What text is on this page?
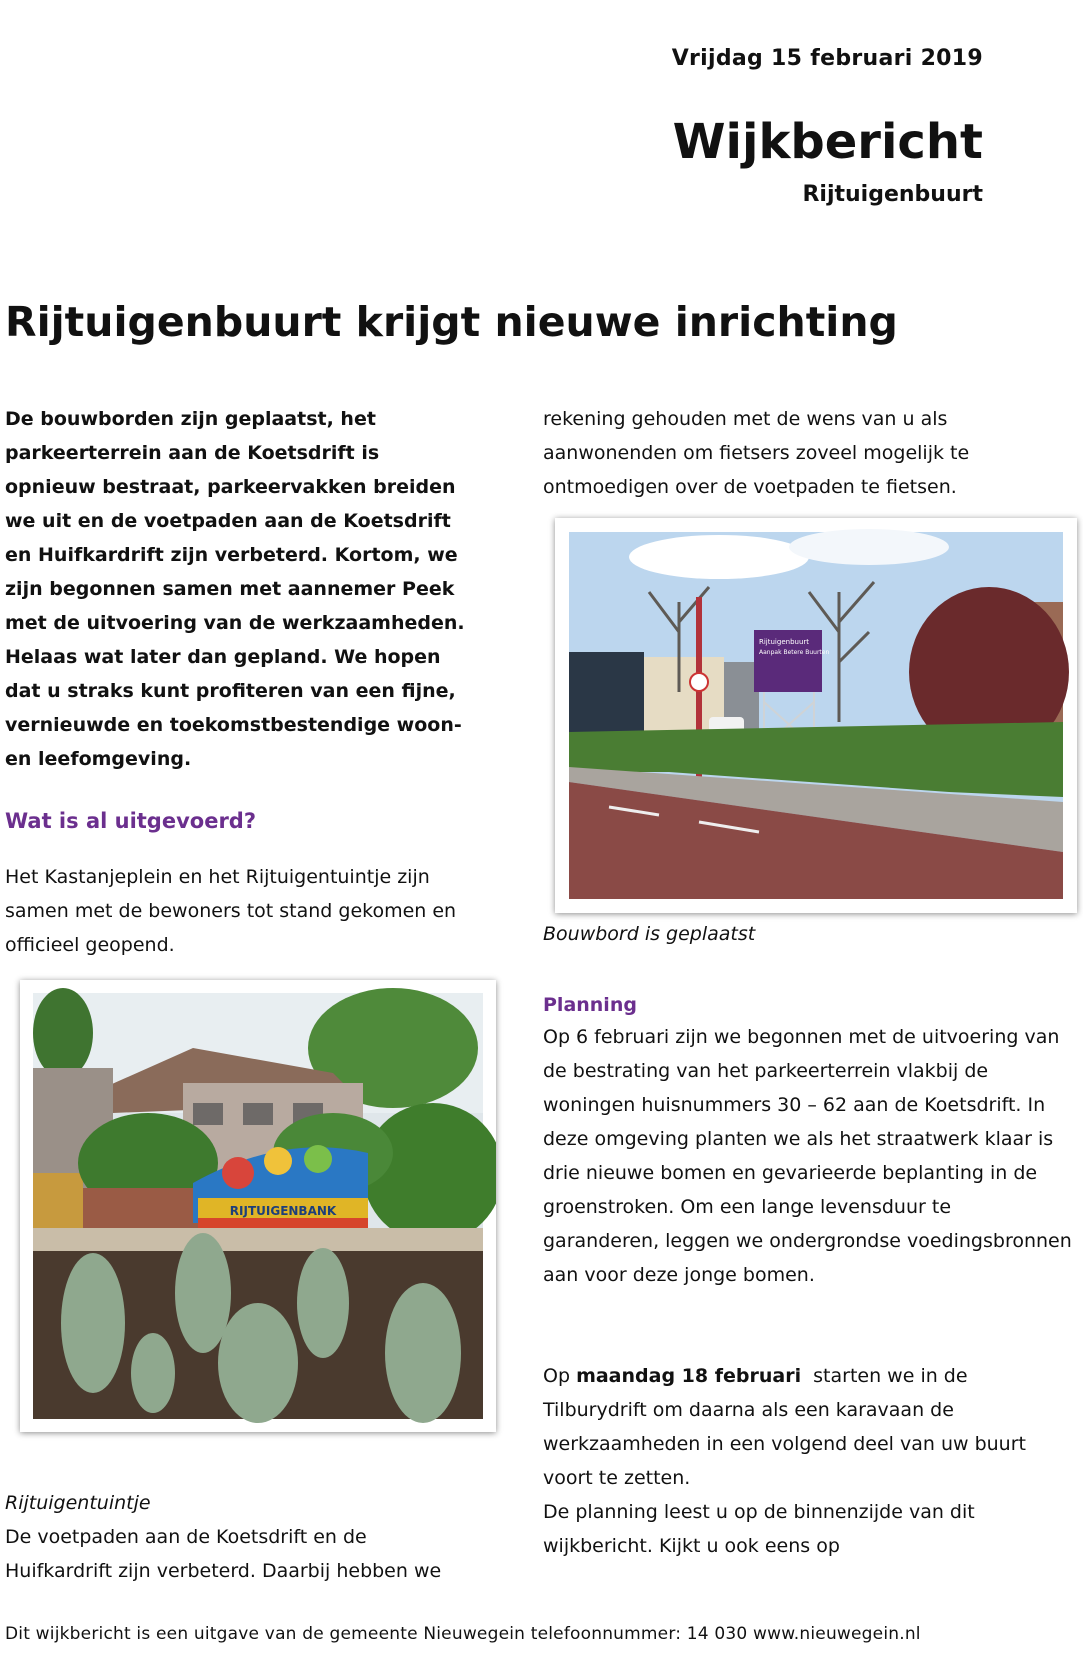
Vrijdag 15 februari 2019
Wijkbericht
Rijtuigenbuurt
Rijtuigenbuurt krijgt nieuwe inrichting

De bouwborden zijn geplaatst, het
parkeerterrein aan de Koetsdrift is
opnieuw bestraat, parkeervakken breiden
we uit en de voetpaden aan de Koetsdrift
en Huifkardrift zijn verbeterd. Kortom, we
zijn begonnen samen met aannemer Peek
met de uitvoering van de werkzaamheden.
Helaas wat later dan gepland. We hopen
dat u straks kunt profiteren van een fijne,
vernieuwde en toekomstbestendige woon-
en leefomgeving.

Wat is al uitgevoerd?

Het Kastanjeplein en het Rijtuigentuintje zijn
samen met de bewoners tot stand gekomen en
officieel geopend.

RIJTUIGENBANK
Rijtuigentuintje

De voetpaden aan de Koetsdrift en de
Huifkardrift zijn verbeterd. Daarbij hebben we

rekening gehouden met de wens van u als
aanwonenden om fietsers zoveel mogelijk te
ontmoedigen over de voetpaden te fietsen.

Rijtuigenbuurt
Aanpak Betere Buurten
Bouwbord is geplaatst
Planning

Op 6 februari zijn we begonnen met de uitvoering van
de bestrating van het parkeerterrein vlakbij de
woningen huisnummers 30 – 62 aan de Koetsdrift. In
deze omgeving planten we als het straatwerk klaar is
drie nieuwe bomen en gevarieerde beplanting in de
groenstroken. Om een lange levensduur te
garanderen, leggen we ondergrondse voedingsbronnen
aan voor deze jonge bomen.

Op maandag 18 februari  starten we in de
Tilburydrift om daarna als een karavaan de
werkzaamheden in een volgend deel van uw buurt
voort te zetten.
De planning leest u op de binnenzijde van dit
wijkbericht. Kijkt u ook eens op

Dit wijkbericht is een uitgave van de gemeente Nieuwegein telefoonnummer: 14 030 www.nieuwegein.nl
